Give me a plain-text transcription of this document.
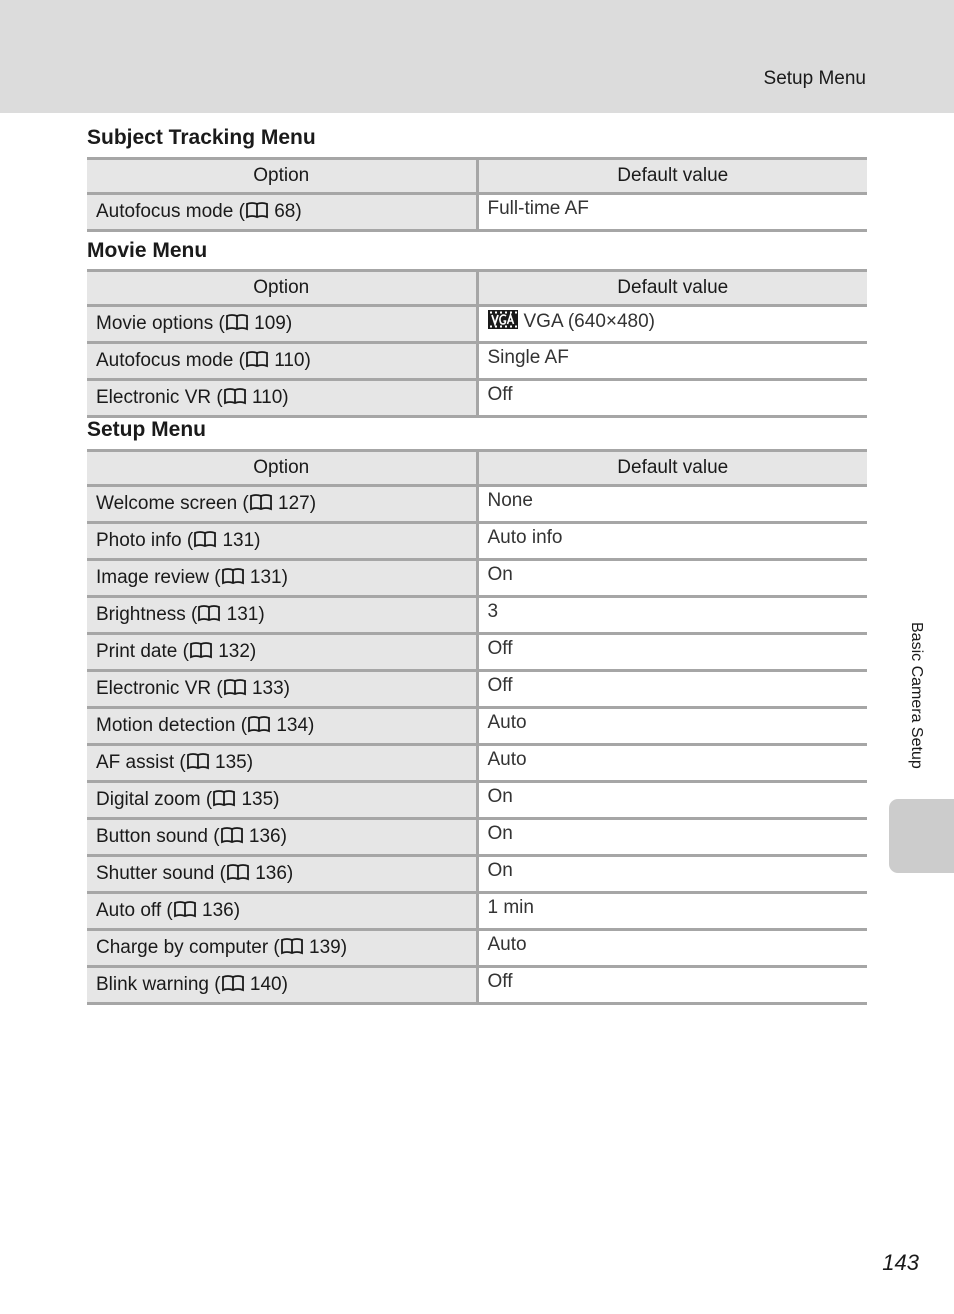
Setup Menu
Subject Tracking Menu
Option	Default value
Autofocus mode ( 68)	Full-time AF
Movie Menu
Option	Default value
Movie options ( 109)	VGA (640×480)
Autofocus mode ( 110)	Single AF
Electronic VR ( 110)	Off
Setup Menu
Option	Default value
Welcome screen ( 127)	None
Photo info ( 131)	Auto info
Image review ( 131)	On
Brightness ( 131)	3
Print date ( 132)	Off
Electronic VR ( 133)	Off
Motion detection ( 134)	Auto
AF assist ( 135)	Auto
Digital zoom ( 135)	On
Button sound ( 136)	On
Shutter sound ( 136)	On
Auto off ( 136)	1 min
Charge by computer ( 139)	Auto
Blink warning ( 140)	Off
Basic Camera Setup
143
